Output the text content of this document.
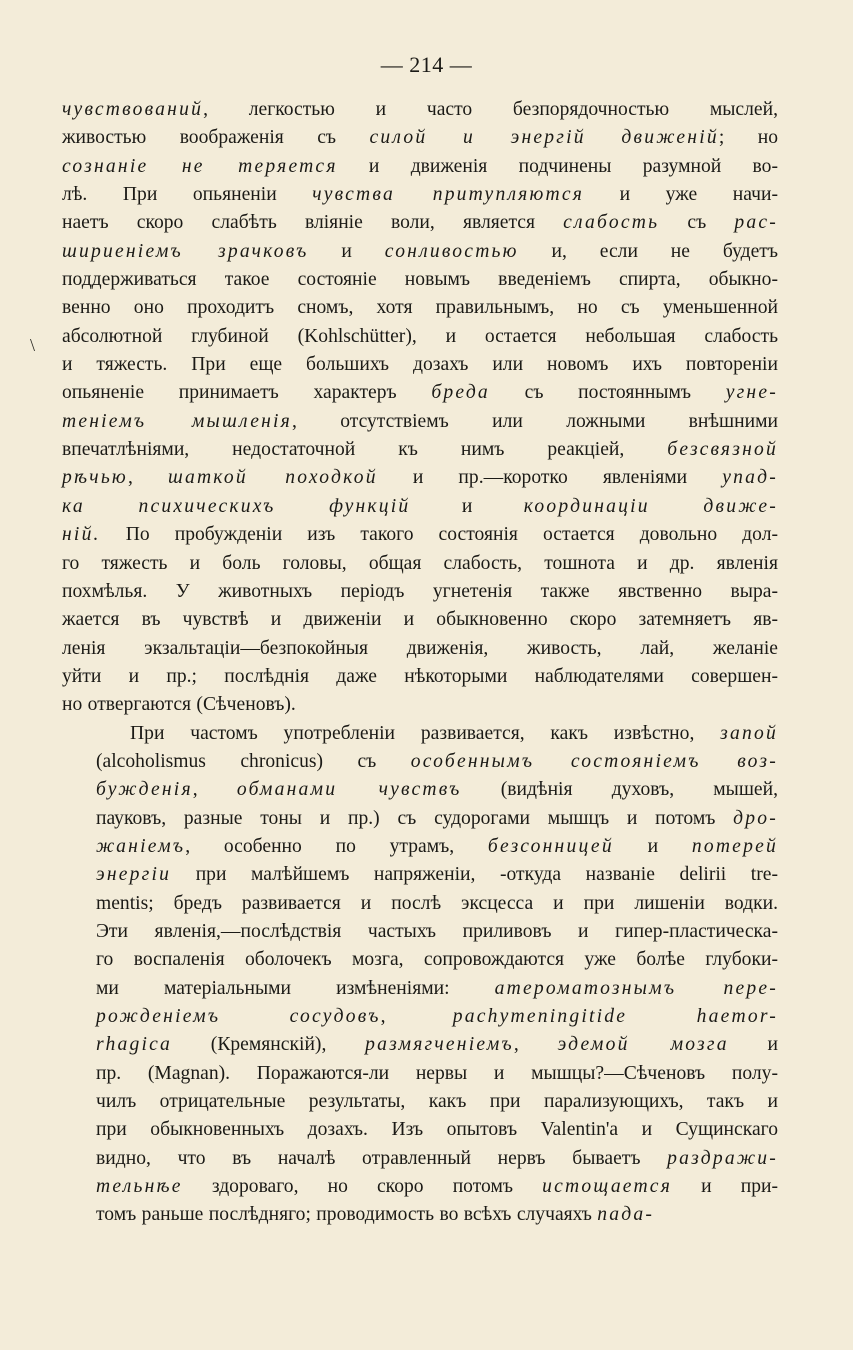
— 214 —
\

чувствований, легкостью и часто безпорядочностью мыслей,
живостью воображенія съ силой и энергій движеній; но
сознаніе не теряется и движенія подчинены разумной во-
лѣ. При опьяненіи чувства притупляются и уже начи-
наетъ скоро слабѣть вліяніе воли, является слабость съ рас-
шириеніемъ зрачковъ и сонливостью и, если не будетъ
поддерживаться такое состояніе новымъ введеніемъ спирта, обыкно-
венно оно проходитъ сномъ, хотя правильнымъ, но съ уменьшенной
абсолютной глубиной (Kohlschütter), и остается небольшая слабость
и тяжесть. При еще большихъ дозахъ или новомъ ихъ повтореніи
опьяненіе принимаетъ характеръ бреда съ постояннымъ угне-
теніемъ мышленія, отсутствіемъ или ложными внѣшними
впечатлѣніями, недостаточной къ нимъ реакціей, безсвязной
рѣчью, шаткой походкой и пр.—коротко явленіями упад-
ка психическихъ функцій и координаціи движе-
ній. По пробужденіи изъ такого состоянія остается довольно дол-
го тяжесть и боль головы, общая слабость, тошнота и др. явленія
похмѣлья. У животныхъ періодъ угнетенія также явственно выра-
жается въ чувствѣ и движеніи и обыкновенно скоро затемняетъ яв-
ленія экзальтаціи—безпокойныя движенія, живость, лай, желаніе
уйти и пр.; послѣднія даже нѣкоторыми наблюдателями совершен-
но отвергаются (Сѣченовъ).

При частомъ употребленіи развивается, какъ извѣстно, запой
(alcoholismus chronicus) съ особеннымъ состояніемъ воз-
бужденія, обманами чувствъ (видѣнія духовъ, мышей,
пауковъ, разные тоны и пр.) съ судорогами мышцъ и потомъ дро-
жаніемъ, особенно по утрамъ, безсонницей и потерей
энергіи при малѣйшемъ напряженіи, -откуда названіе delirii tre-
mentis; бредъ развивается и послѣ эксцесса и при лишеніи водки.
Эти явленія,—послѣдствія частыхъ приливовъ и гипер-пластическа-
го воспаленія оболочекъ мозга, сопровождаются уже болѣе глубоки-
ми матеріальными измѣненіями: атероматознымъ пере-
рожденіемъ сосудовъ, pachymeningitide haemor-
rhagica (Кремянскій), размягченіемъ, эдемой мозга и
пр. (Magnan). Поражаются-ли нервы и мышцы?—Сѣченовъ полу-
чилъ отрицательные результаты, какъ при парализующихъ, такъ и
при обыкновенныхъ дозахъ. Изъ опытовъ Valentin'а и Сущинскаго
видно, что въ началѣ отравленный нервъ бываетъ раздражи-
тельнѣе здороваго, но скоро потомъ истощается и при-
томъ раньше послѣдняго; проводимость во всѣхъ случаяхъ пада-
